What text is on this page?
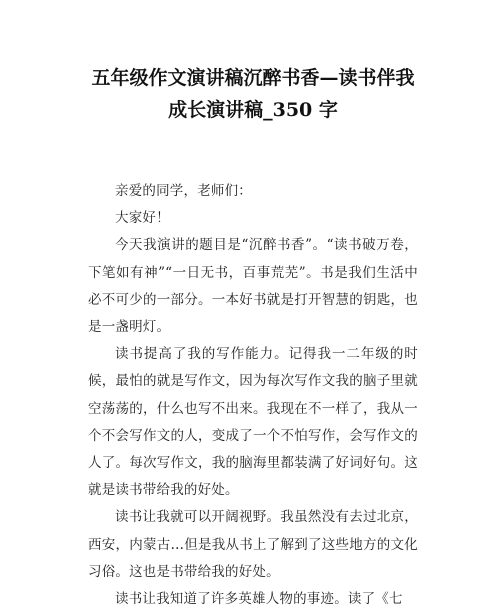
五年级作文演讲稿沉醉书香—读书伴我
成长演讲稿_350 字

亲爱的同学，老师们：

大家好！

今天我演讲的题目是“沉醉书香”。“读书破万卷，下笔如有神”“一日无书，百事荒芜”。书是我们生活中必不可少的一部分。一本好书就是打开智慧的钥匙，也是一盏明灯。

读书提高了我的写作能力。记得我一二年级的时候，最怕的就是写作文，因为每次写作文我的脑子里就空荡荡的，什么也写不出来。我现在不一样了，我从一个不会写作文的人，变成了一个不怕写作，会写作文的人了。每次写作文，我的脑海里都装满了好词好句。这就是读书带给我的好处。

读书让我就可以开阔视野。我虽然没有去过北京，西安，内蒙古…但是我从书上了解到了这些地方的文化习俗。这也是书带给我的好处。

读书让我知道了许多英雄人物的事迹。读了《七
